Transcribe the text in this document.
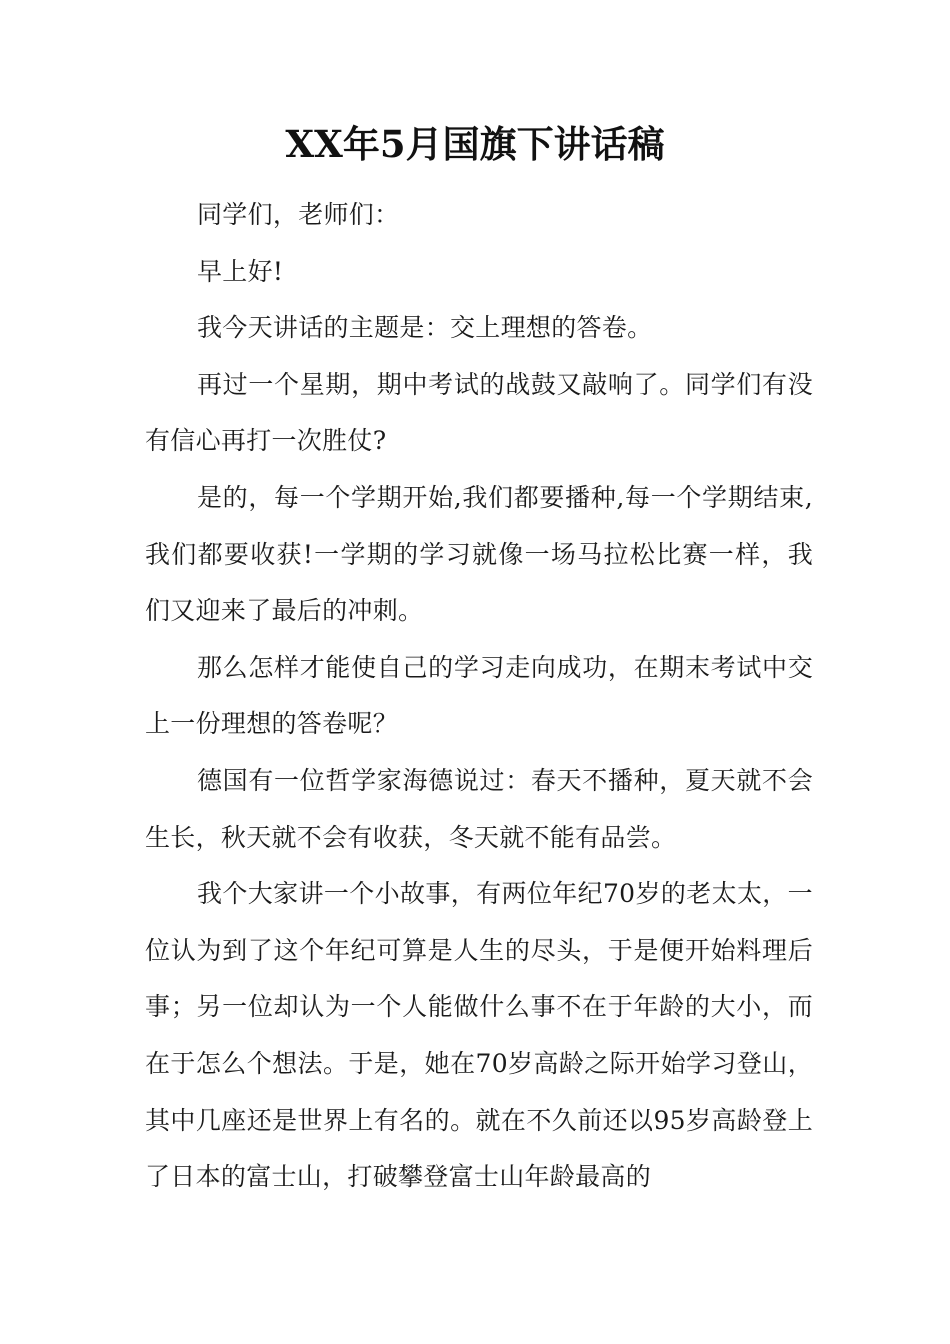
XX年5月国旗下讲话稿

同学们，老师们：

早上好!

我今天讲话的主题是：交上理想的答卷。

再过一个星期，期中考试的战鼓又敲响了。同学们有没有信心再打一次胜仗?

是的，每一个学期开始,我们都要播种,每一个学期结束,我们都要收获!一学期的学习就像一场马拉松比赛一样，我们又迎来了最后的冲刺。

那么怎样才能使自己的学习走向成功，在期末考试中交上一份理想的答卷呢？

德国有一位哲学家海德说过：春天不播种，夏天就不会生长，秋天就不会有收获，冬天就不能有品尝。

我个大家讲一个小故事，有两位年纪70岁的老太太，一位认为到了这个年纪可算是人生的尽头，于是便开始料理后事；另一位却认为一个人能做什么事不在于年龄的大小，而在于怎么个想法。于是，她在70岁高龄之际开始学习登山，其中几座还是世界上有名的。就在不久前还以95岁高龄登上了日本的富士山，打破攀登富士山年龄最高的
